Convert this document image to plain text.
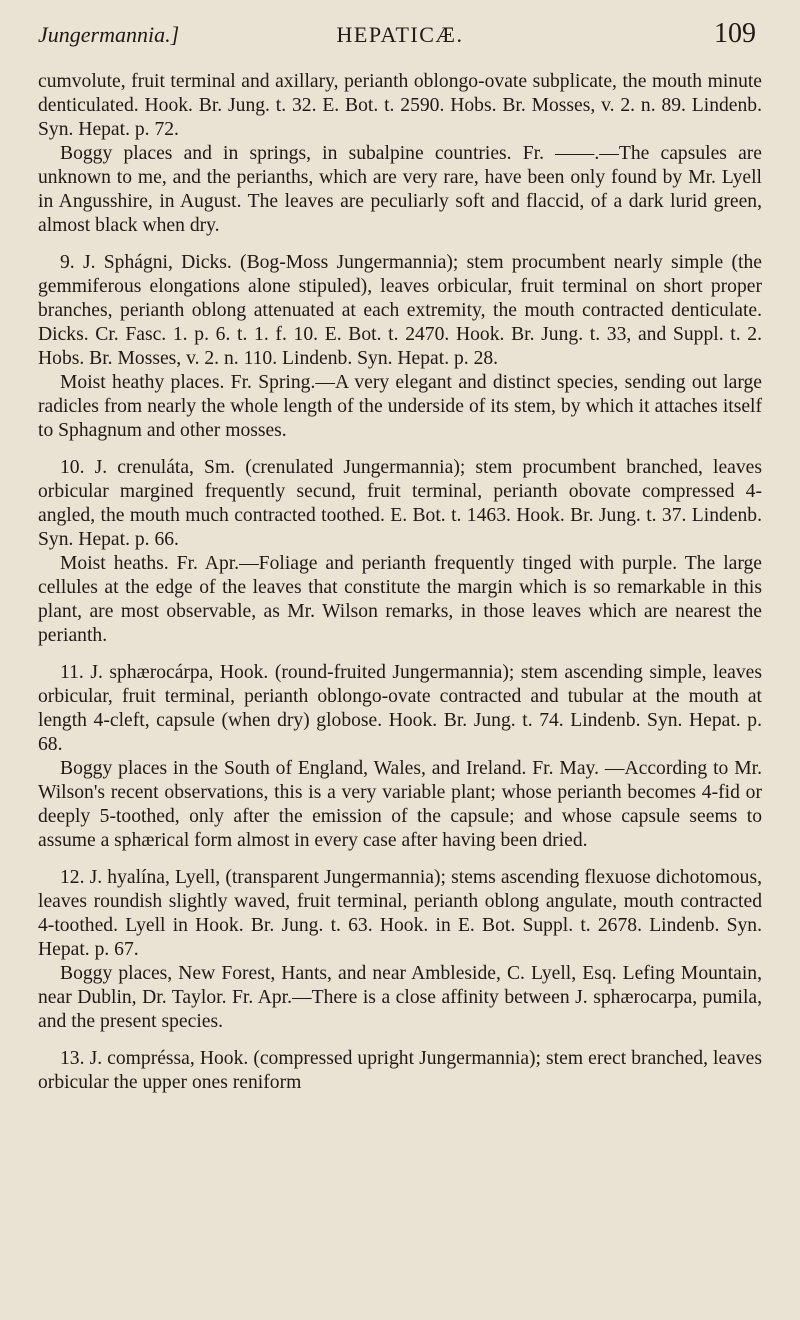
Jungermannia.]	HEPATICÆ.	109

cumvolute, fruit terminal and axillary, perianth oblongo-ovate subplicate, the mouth minute denticulated. Hook. Br. Jung. t. 32. E. Bot. t. 2590. Hobs. Br. Mosses, v. 2. n. 89. Lindenb. Syn. Hepat. p. 72.

Boggy places and in springs, in subalpine countries. Fr. ——.—The capsules are unknown to me, and the perianths, which are very rare, have been only found by Mr. Lyell in Angusshire, in August. The leaves are peculiarly soft and flaccid, of a dark lurid green, almost black when dry.

9. J. Sphágni, Dicks. (Bog-Moss Jungermannia); stem procumbent nearly simple (the gemmiferous elongations alone stipuled), leaves orbicular, fruit terminal on short proper branches, perianth oblong attenuated at each extremity, the mouth contracted denticulate. Dicks. Cr. Fasc. 1. p. 6. t. 1. f. 10. E. Bot. t. 2470. Hook. Br. Jung. t. 33, and Suppl. t. 2. Hobs. Br. Mosses, v. 2. n. 110. Lindenb. Syn. Hepat. p. 28.

Moist heathy places. Fr. Spring.—A very elegant and distinct species, sending out large radicles from nearly the whole length of the underside of its stem, by which it attaches itself to Sphagnum and other mosses.

10. J. crenuláta, Sm. (crenulated Jungermannia); stem procumbent branched, leaves orbicular margined frequently secund, fruit terminal, perianth obovate compressed 4-angled, the mouth much contracted toothed. E. Bot. t. 1463. Hook. Br. Jung. t. 37. Lindenb. Syn. Hepat. p. 66.

Moist heaths. Fr. Apr.—Foliage and perianth frequently tinged with purple. The large cellules at the edge of the leaves that constitute the margin which is so remarkable in this plant, are most observable, as Mr. Wilson remarks, in those leaves which are nearest the perianth.

11. J. sphærocárpa, Hook. (round-fruited Jungermannia); stem ascending simple, leaves orbicular, fruit terminal, perianth oblongo-ovate contracted and tubular at the mouth at length 4-cleft, capsule (when dry) globose. Hook. Br. Jung. t. 74. Lindenb. Syn. Hepat. p. 68.

Boggy places in the South of England, Wales, and Ireland. Fr. May. —According to Mr. Wilson's recent observations, this is a very variable plant; whose perianth becomes 4-fid or deeply 5-toothed, only after the emission of the capsule; and whose capsule seems to assume a sphærical form almost in every case after having been dried.

12. J. hyalína, Lyell, (transparent Jungermannia); stems ascending flexuose dichotomous, leaves roundish slightly waved, fruit terminal, perianth oblong angulate, mouth contracted 4-toothed. Lyell in Hook. Br. Jung. t. 63. Hook. in E. Bot. Suppl. t. 2678. Lindenb. Syn. Hepat. p. 67.

Boggy places, New Forest, Hants, and near Ambleside, C. Lyell, Esq. Lefing Mountain, near Dublin, Dr. Taylor. Fr. Apr.—There is a close affinity between J. sphærocarpa, pumila, and the present species.

13. J. compréssa, Hook. (compressed upright Jungermannia); stem erect branched, leaves orbicular the upper ones reniform
